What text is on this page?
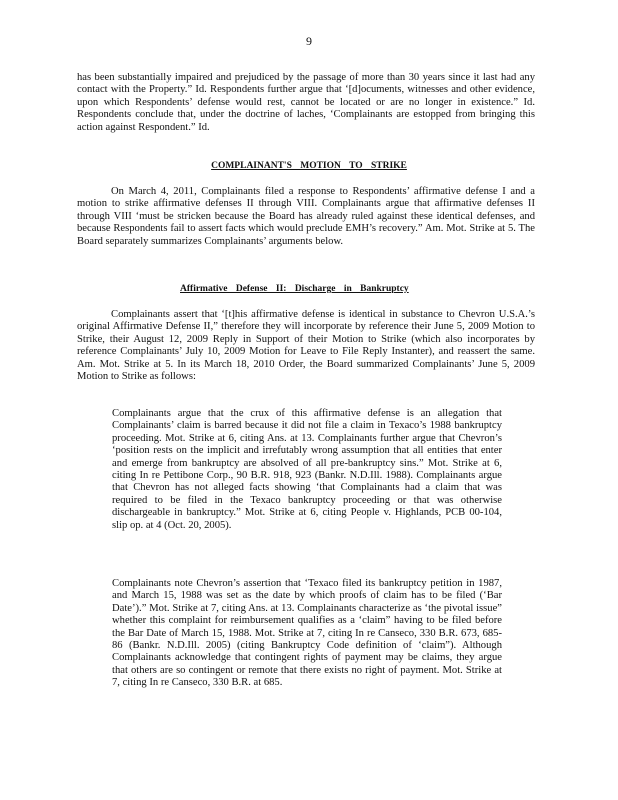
9

has been substantially impaired and prejudiced by the passage of more than 30 years since it last had any contact with the Property.” Id. Respondents further argue that ‘[d]ocuments, witnesses and other evidence, upon which Respondents’ defense would rest, cannot be located or are no longer in existence.” Id. Respondents conclude that, under the doctrine of laches, ‘Complainants are estopped from bringing this action against Respondent.” Id.

COMPLAINANT'S MOTION TO STRIKE

On March 4, 2011, Complainants filed a response to Respondents’ affirmative defense I and a motion to strike affirmative defenses II through VIII. Complainants argue that affirmative defenses II through VIII ‘must be stricken because the Board has already ruled against these identical defenses, and because Respondents fail to assert facts which would preclude EMH’s recovery.” Am. Mot. Strike at 5. The Board separately summarizes Complainants’ arguments below.

Affirmative Defense II: Discharge in Bankruptcy

Complainants assert that ‘[t]his affirmative defense is identical in substance to Chevron U.S.A.’s original Affirmative Defense II,” therefore they will incorporate by reference their June 5, 2009 Motion to Strike, their August 12, 2009 Reply in Support of their Motion to Strike (which also incorporates by reference Complainants’ July 10, 2009 Motion for Leave to File Reply Instanter), and reassert the same. Am. Mot. Strike at 5. In its March 18, 2010 Order, the Board summarized Complainants’ June 5, 2009 Motion to Strike as follows:

Complainants argue that the crux of this affirmative defense is an allegation that Complainants’ claim is barred because it did not file a claim in Texaco’s 1988 bankruptcy proceeding. Mot. Strike at 6, citing Ans. at 13. Complainants further argue that Chevron’s ‘position rests on the implicit and irrefutably wrong assumption that all entities that enter and emerge from bankruptcy are absolved of all pre-bankruptcy sins.” Mot. Strike at 6, citing In re Pettibone Corp., 90 B.R. 918, 923 (Bankr. N.D.Ill. 1988). Complainants argue that Chevron has not alleged facts showing ‘that Complainants had a claim that was required to be filed in the Texaco bankruptcy proceeding or that was otherwise dischargeable in bankruptcy.” Mot. Strike at 6, citing People v. Highlands, PCB 00-104, slip op. at 4 (Oct. 20, 2005).

Complainants note Chevron’s assertion that ‘Texaco filed its bankruptcy petition in 1987, and March 15, 1988 was set as the date by which proofs of claim has to be filed (‘Bar Date’).” Mot. Strike at 7, citing Ans. at 13. Complainants characterize as ‘the pivotal issue” whether this complaint for reimbursement qualifies as a ‘claim” having to be filed before the Bar Date of March 15, 1988. Mot. Strike at 7, citing In re Canseco, 330 B.R. 673, 685-86 (Bankr. N.D.Ill. 2005) (citing Bankruptcy Code definition of ‘claim”). Although Complainants acknowledge that contingent rights of payment may be claims, they argue that others are so contingent or remote that there exists no right of payment. Mot. Strike at 7, citing In re Canseco, 330 B.R. at 685.
